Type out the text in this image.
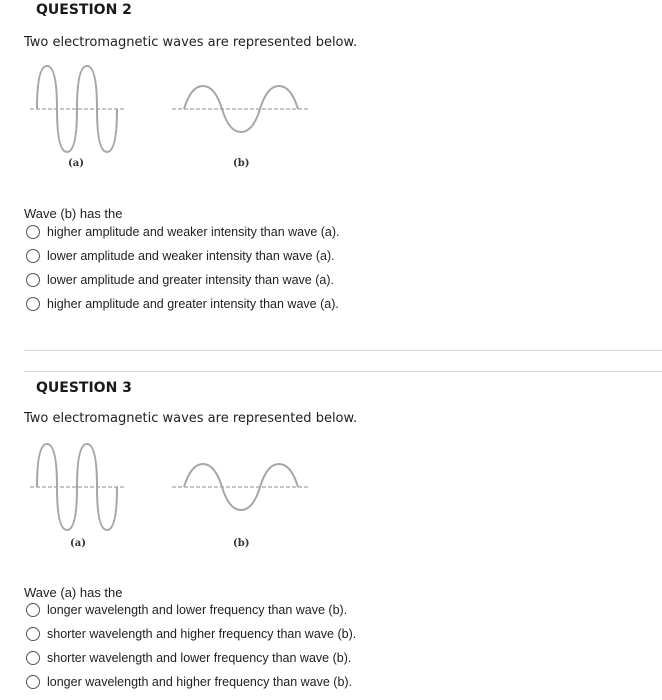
QUESTION 2

Two electromagnetic waves are represented below.

(a)	(b)
Wave (b) has the
higher amplitude and weaker intensity than wave (a).
lower amplitude and weaker intensity than wave (a).
lower amplitude and greater intensity than wave (a).
higher amplitude and greater intensity than wave (a).
QUESTION 3

Two electromagnetic waves are represented below.

(a)	(b)
Wave (a) has the
longer wavelength and lower frequency than wave (b).
shorter wavelength and higher frequency than wave (b).
shorter wavelength and lower frequency than wave (b).
longer wavelength and higher frequency than wave (b).
